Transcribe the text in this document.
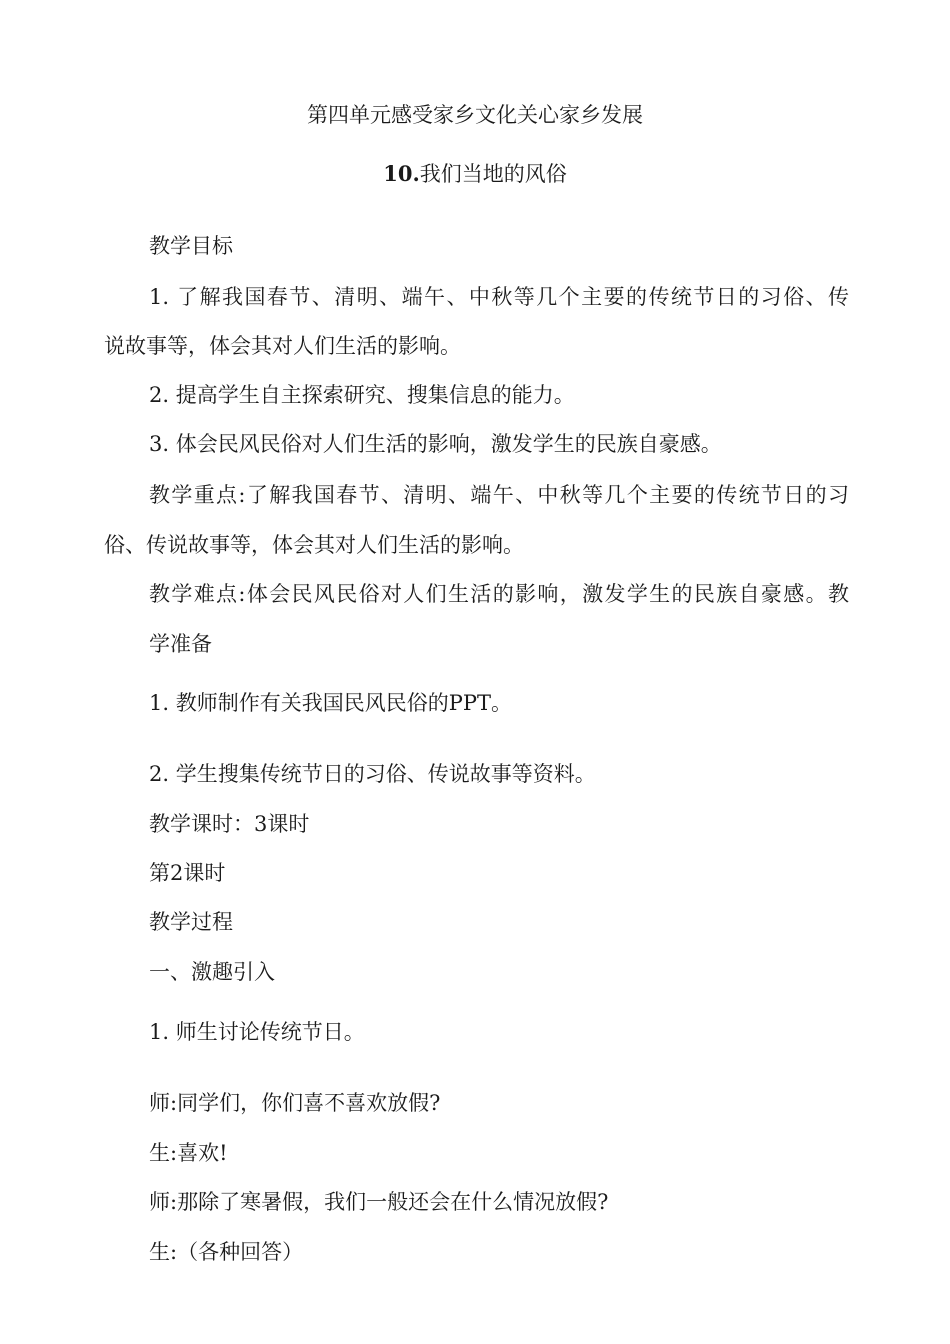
第四单元感受家乡文化关心家乡发展
10.我们当地的风俗
教学目标
1. 了解我国春节、清明、端午、中秋等几个主要的传统节日的习俗、传
说故事等，体会其对人们生活的影响。
2. 提高学生自主探索研究、搜集信息的能力。
3. 体会民风民俗对人们生活的影响，激发学生的民族自豪感。
教学重点:了解我国春节、清明、端午、中秋等几个主要的传统节日的习
俗、传说故事等，体会其对人们生活的影响。
教学难点:体会民风民俗对人们生活的影响，激发学生的民族自豪感。教
学准备
1. 教师制作有关我国民风民俗的PPT。
2. 学生搜集传统节日的习俗、传说故事等资料。
教学课时：3课时
第2课时
教学过程
一、激趣引入
1. 师生讨论传统节日。
师:同学们，你们喜不喜欢放假?
生:喜欢!
师:那除了寒暑假，我们一般还会在什么情况放假?
生:（各种回答）
